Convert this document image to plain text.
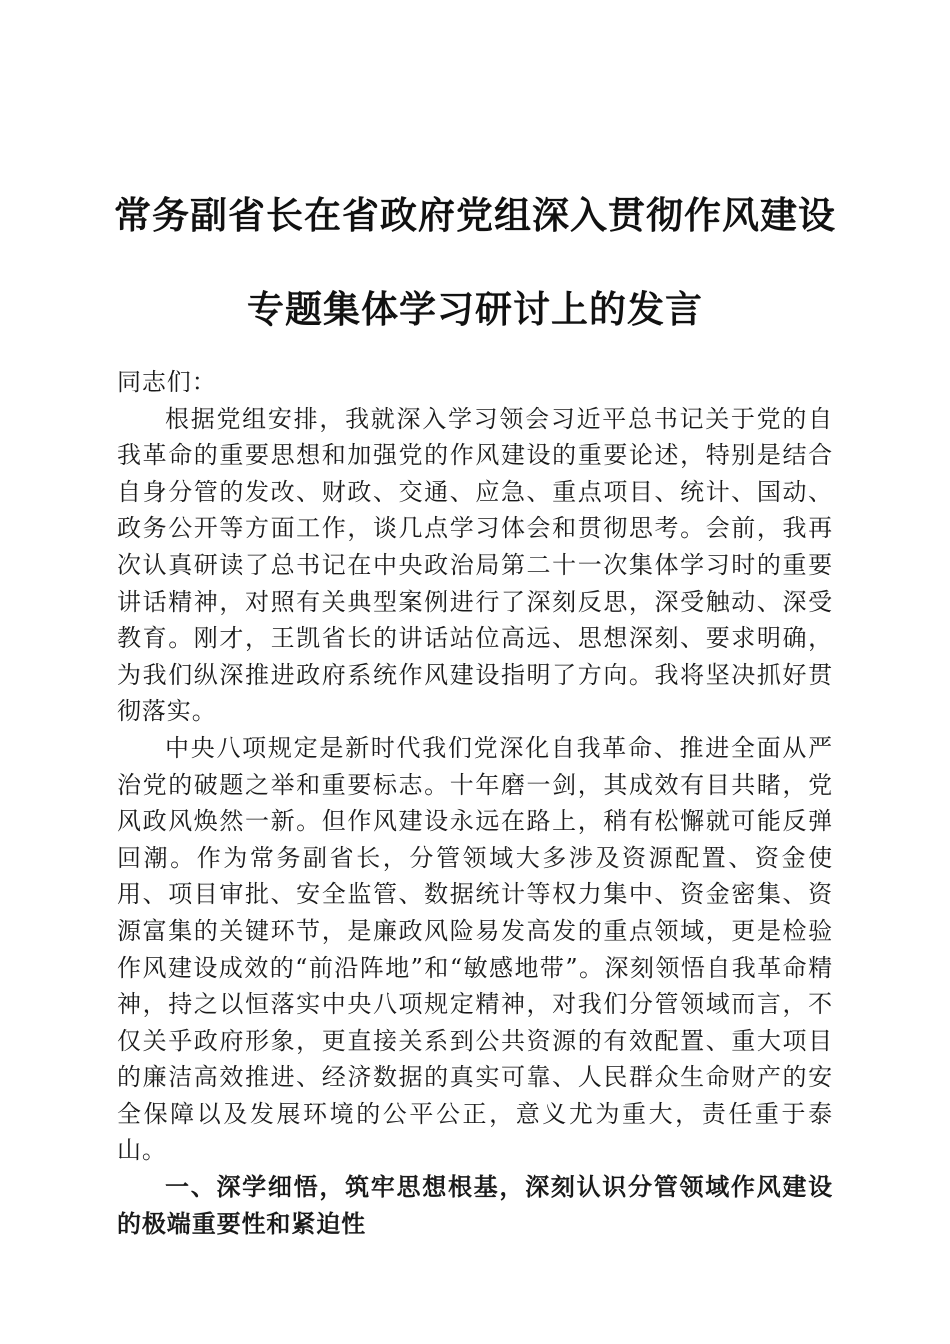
常务副省长在省政府党组深入贯彻作风建设专题集体学习研讨上的发言

同志们：

根据党组安排，我就深入学习领会习近平总书记关于党的自我革命的重要思想和加强党的作风建设的重要论述，特别是结合自身分管的发改、财政、交通、应急、重点项目、统计、国动、政务公开等方面工作，谈几点学习体会和贯彻思考。会前，我再次认真研读了总书记在中央政治局第二十一次集体学习时的重要讲话精神，对照有关典型案例进行了深刻反思，深受触动、深受教育。刚才，王凯省长的讲话站位高远、思想深刻、要求明确，为我们纵深推进政府系统作风建设指明了方向。我将坚决抓好贯彻落实。

中央八项规定是新时代我们党深化自我革命、推进全面从严治党的破题之举和重要标志。十年磨一剑，其成效有目共睹，党风政风焕然一新。但作风建设永远在路上，稍有松懈就可能反弹回潮。作为常务副省长，分管领域大多涉及资源配置、资金使用、项目审批、安全监管、数据统计等权力集中、资金密集、资源富集的关键环节，是廉政风险易发高发的重点领域，更是检验作风建设成效的“前沿阵地”和“敏感地带”。深刻领悟自我革命精神，持之以恒落实中央八项规定精神，对我们分管领域而言，不仅关乎政府形象，更直接关系到公共资源的有效配置、重大项目的廉洁高效推进、经济数据的真实可靠、人民群众生命财产的安全保障以及发展环境的公平公正，意义尤为重大，责任重于泰山。

一、深学细悟，筑牢思想根基，深刻认识分管领域作风建设的极端重要性和紧迫性
